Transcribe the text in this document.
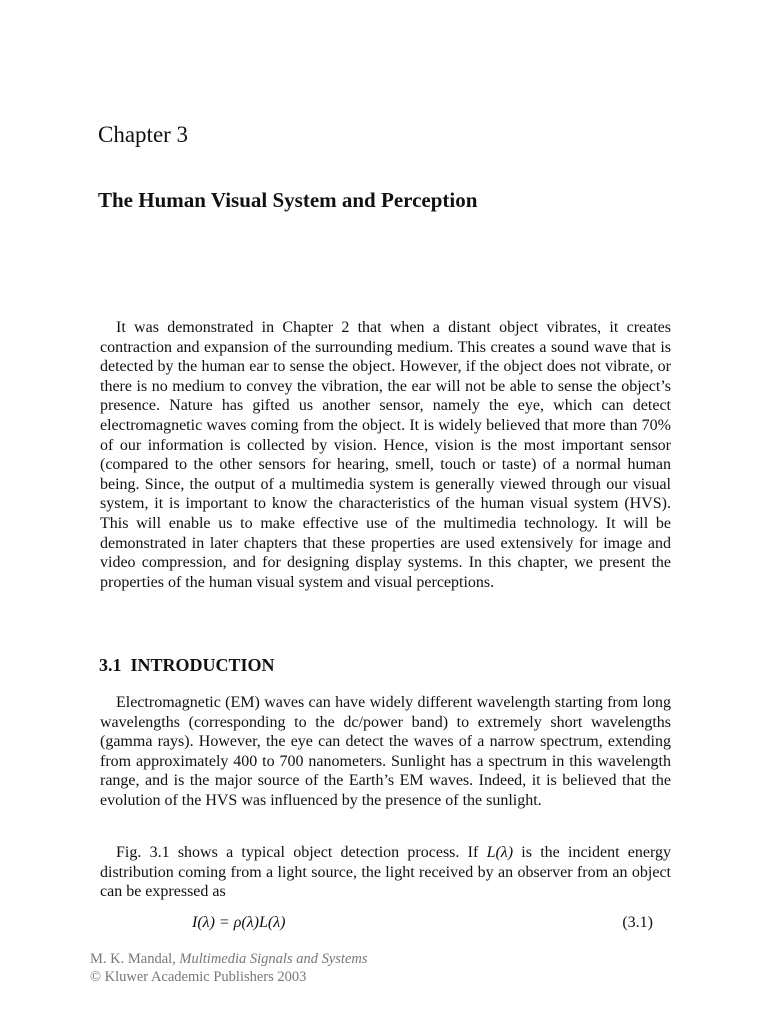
Chapter 3
The Human Visual System and Perception

It was demonstrated in Chapter 2 that when a distant object vibrates, it creates contraction and expansion of the surrounding medium. This creates a sound wave that is detected by the human ear to sense the object. However, if the object does not vibrate, or there is no medium to convey the vibration, the ear will not be able to sense the object’s presence. Nature has gifted us another sensor, namely the eye, which can detect electromagnetic waves coming from the object. It is widely believed that more than 70% of our information is collected by vision. Hence, vision is the most important sensor (compared to the other sensors for hearing, smell, touch or taste) of a normal human being. Since, the output of a multimedia system is generally viewed through our visual system, it is important to know the characteristics of the human visual system (HVS). This will enable us to make effective use of the multimedia technology. It will be demonstrated in later chapters that these properties are used extensively for image and video compression, and for designing display systems. In this chapter, we present the properties of the human visual system and visual perceptions.

3.1 INTRODUCTION

Electromagnetic (EM) waves can have widely different wavelength starting from long wavelengths (corresponding to the dc/power band) to extremely short wavelengths (gamma rays). However, the eye can detect the waves of a narrow spectrum, extending from approximately 400 to 700 nanometers. Sunlight has a spectrum in this wavelength range, and is the major source of the Earth’s EM waves. Indeed, it is believed that the evolution of the HVS was influenced by the presence of the sunlight.

Fig. 3.1 shows a typical object detection process. If L(λ) is the incident energy distribution coming from a light source, the light received by an observer from an object can be expressed as

I(λ) = ρ(λ)L(λ)	(3.1)
M. K. Mandal, Multimedia Signals and Systems
© Kluwer Academic Publishers 2003
